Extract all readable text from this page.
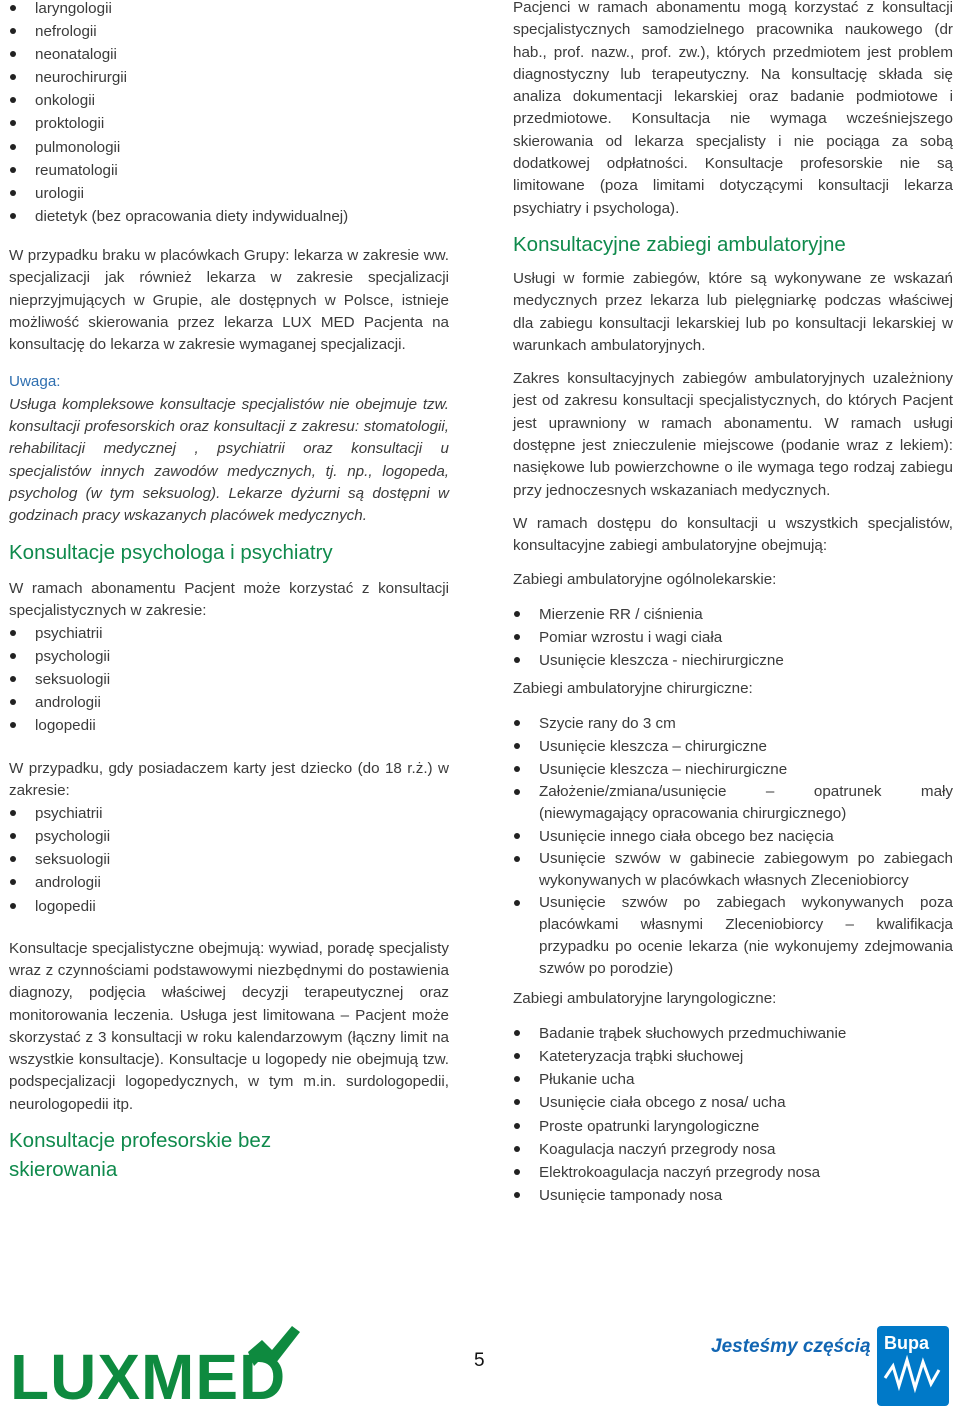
laryngologii
nefrologii
neonatalogii
neurochirurgii
onkologii
proktologii
pulmonologii
reumatologii
urologii
dietetyk (bez opracowania diety indywidualnej)

W przypadku braku w placówkach Grupy: lekarza w zakresie ww. specjalizacji jak również lekarza w zakresie specjalizacji nieprzyjmujących w Grupie, ale dostępnych w Polsce, istnieje możliwość skierowania przez lekarza LUX MED Pacjenta na konsultację do lekarza w zakresie wymaganej specjalizacji.

Uwaga:

Usługa kompleksowe konsultacje specjalistów nie obejmuje tzw. konsultacji profesorskich oraz konsultacji z zakresu: stomatologii, rehabilitacji medycznej , psychiatrii oraz konsultacji u specjalistów innych zawodów medycznych, tj. np., logopeda, psycholog (w tym seksuolog). Lekarze dyżurni są dostępni w godzinach pracy wskazanych placówek medycznych.

Konsultacje psychologa i psychiatry

W ramach abonamentu Pacjent może korzystać z konsultacji specjalistycznych w zakresie:

psychiatrii
psychologii
seksuologii
andrologii
logopedii

W przypadku, gdy posiadaczem karty jest dziecko (do 18 r.ż.) w zakresie:

psychiatrii
psychologii
seksuologii
andrologii
logopedii

Konsultacje specjalistyczne obejmują: wywiad, poradę specjalisty wraz z czynnościami podstawowymi niezbędnymi do postawienia diagnozy, podjęcia właściwej decyzji terapeutycznej oraz monitorowania leczenia. Usługa jest limitowana – Pacjent może skorzystać z 3 konsultacji w roku kalendarzowym (łączny limit na wszystkie konsultacje). Konsultacje u logopedy nie obejmują tzw. podspecjalizacji logopedycznych, w tym m.in. surdologopedii, neurologopedii itp.

Konsultacje profesorskie bez skierowania

Pacjenci w ramach abonamentu mogą korzystać z konsultacji specjalistycznych samodzielnego pracownika naukowego (dr hab., prof. nazw., prof. zw.), których przedmiotem jest problem diagnostyczny lub terapeutyczny. Na konsultację składa się analiza dokumentacji lekarskiej oraz badanie podmiotowe i przedmiotowe. Konsultacja nie wymaga wcześniejszego skierowania od lekarza specjalisty i nie pociąga za sobą dodatkowej odpłatności. Konsultacje profesorskie nie są limitowane (poza limitami dotyczącymi konsultacji lekarza psychiatry i psychologa).

Konsultacyjne zabiegi ambulatoryjne

Usługi w formie zabiegów, które są wykonywane ze wskazań medycznych przez lekarza lub pielęgniarkę podczas właściwej dla zabiegu konsultacji lekarskiej lub po konsultacji lekarskiej w warunkach ambulatoryjnych.

Zakres konsultacyjnych zabiegów ambulatoryjnych uzależniony jest od zakresu konsultacji specjalistycznych, do których Pacjent jest uprawniony w ramach abonamentu. W ramach usługi dostępne jest znieczulenie miejscowe (podanie wraz z lekiem): nasiękowe lub powierzchowne o ile wymaga tego rodzaj zabiegu przy jednoczesnych wskazaniach medycznych.

W ramach dostępu do konsultacji u wszystkich specjalistów, konsultacyjne zabiegi ambulatoryjne obejmują:

Zabiegi ambulatoryjne ogólnolekarskie:
Mierzenie RR / ciśnienia
Pomiar wzrostu i wagi ciała
Usunięcie kleszcza - niechirurgiczne
Zabiegi ambulatoryjne chirurgiczne:
Szycie rany do 3 cm
Usunięcie kleszcza – chirurgiczne
Usunięcie kleszcza – niechirurgiczne
Założenie/zmiana/usunięcie – opatrunek mały (niewymagający opracowania chirurgicznego)
Usunięcie innego ciała obcego bez nacięcia
Usunięcie szwów w gabinecie zabiegowym po zabiegach wykonywanych w placówkach własnych Zleceniobiorcy
Usunięcie szwów po zabiegach wykonywanych poza placówkami własnymi Zleceniobiorcy – kwalifikacja przypadku po ocenie lekarza (nie wykonujemy zdejmowania szwów po porodzie)
Zabiegi ambulatoryjne laryngologiczne:
Badanie trąbek słuchowych przedmuchiwanie
Kateteryzacja trąbki słuchowej
Płukanie ucha
Usunięcie ciała obcego z nosa/ ucha
Proste opatrunki laryngologiczne
Koagulacja naczyń przegrody nosa
Elektrokoagulacja naczyń przegrody nosa
Usunięcie tamponady nosa
LUXMED	5
Jesteśmy częścią Bupa
